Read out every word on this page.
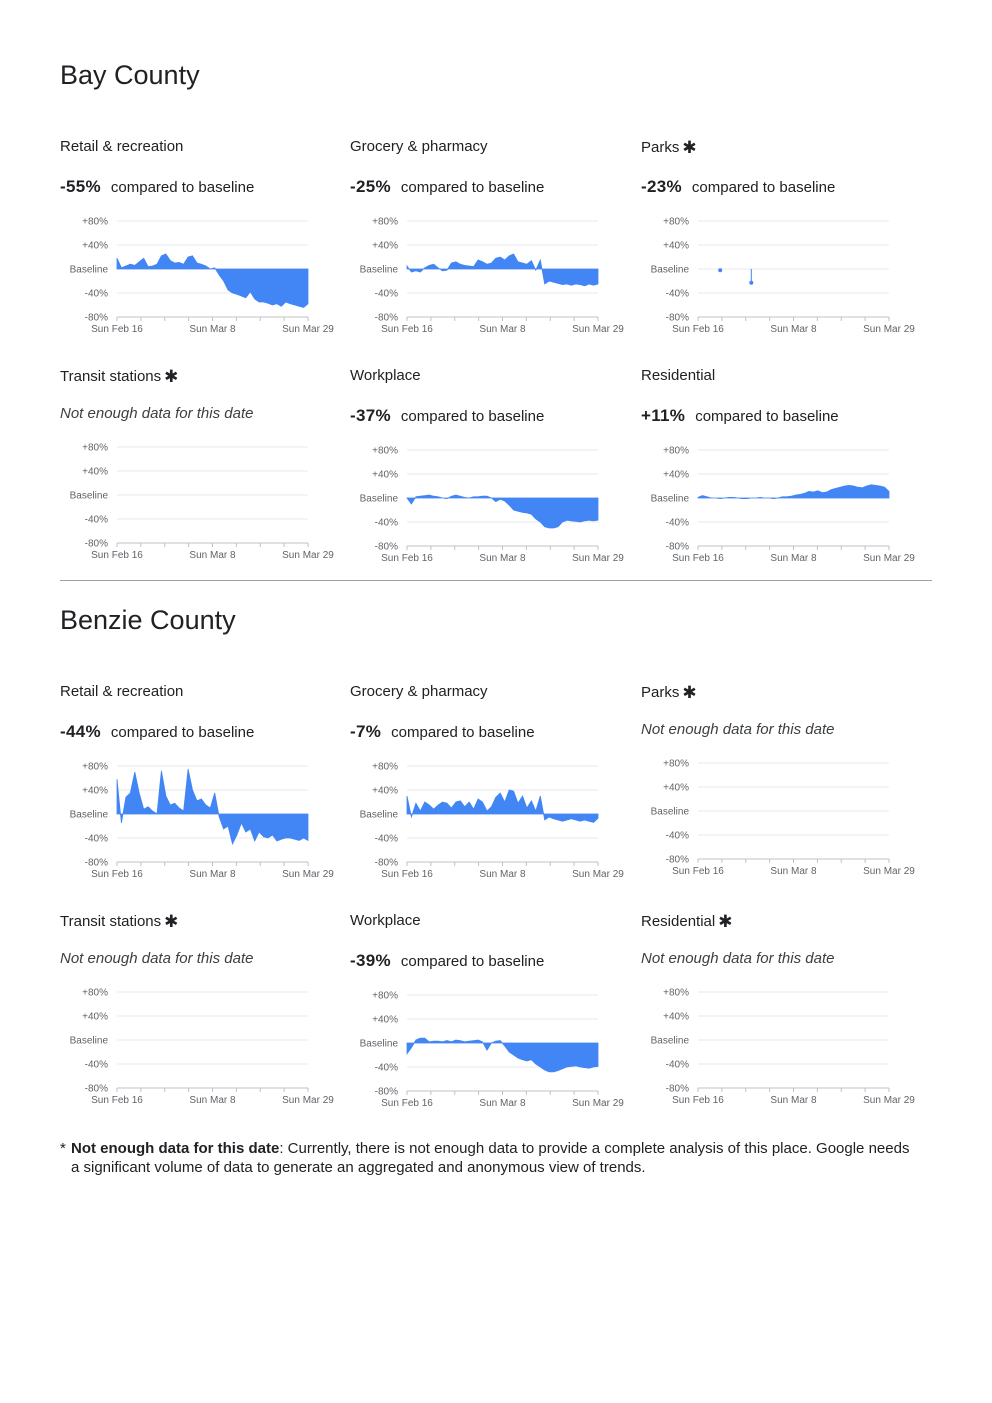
Bay County
Retail & recreation
-55% compared to baseline
+80%
+40%
Baseline
-40%
-80%
Sun Feb 16	Sun Mar 8	Sun Mar 29
Grocery & pharmacy
-25% compared to baseline
+80%
+40%
Baseline
-40%
-80%
Sun Feb 16	Sun Mar 8	Sun Mar 29
Parks ✱
-23% compared to baseline
+80%
+40%
Baseline
-40%
-80%
Sun Feb 16	Sun Mar 8	Sun Mar 29
Transit stations ✱
Not enough data for this date
+80%
+40%
Baseline
-40%
-80%
Sun Feb 16	Sun Mar 8	Sun Mar 29
Workplace
-37% compared to baseline
+80%
+40%
Baseline
-40%
-80%
Sun Feb 16	Sun Mar 8	Sun Mar 29
Residential
+11% compared to baseline
+80%
+40%
Baseline
-40%
-80%
Sun Feb 16	Sun Mar 8	Sun Mar 29
Benzie County
Retail & recreation
-44% compared to baseline
+80%
+40%
Baseline
-40%
-80%
Sun Feb 16	Sun Mar 8	Sun Mar 29
Grocery & pharmacy
-7% compared to baseline
+80%
+40%
Baseline
-40%
-80%
Sun Feb 16	Sun Mar 8	Sun Mar 29
Parks ✱
Not enough data for this date
+80%
+40%
Baseline
-40%
-80%
Sun Feb 16	Sun Mar 8	Sun Mar 29
Transit stations ✱
Not enough data for this date
+80%
+40%
Baseline
-40%
-80%
Sun Feb 16	Sun Mar 8	Sun Mar 29
Workplace
-39% compared to baseline
+80%
+40%
Baseline
-40%
-80%
Sun Feb 16	Sun Mar 8	Sun Mar 29
Residential ✱
Not enough data for this date
+80%
+40%
Baseline
-40%
-80%
Sun Feb 16	Sun Mar 8	Sun Mar 29
* Not enough data for this date: Currently, there is not enough data to provide a complete analysis of this place. Google needs a significant volume of data to generate an aggregated and anonymous view of trends.
